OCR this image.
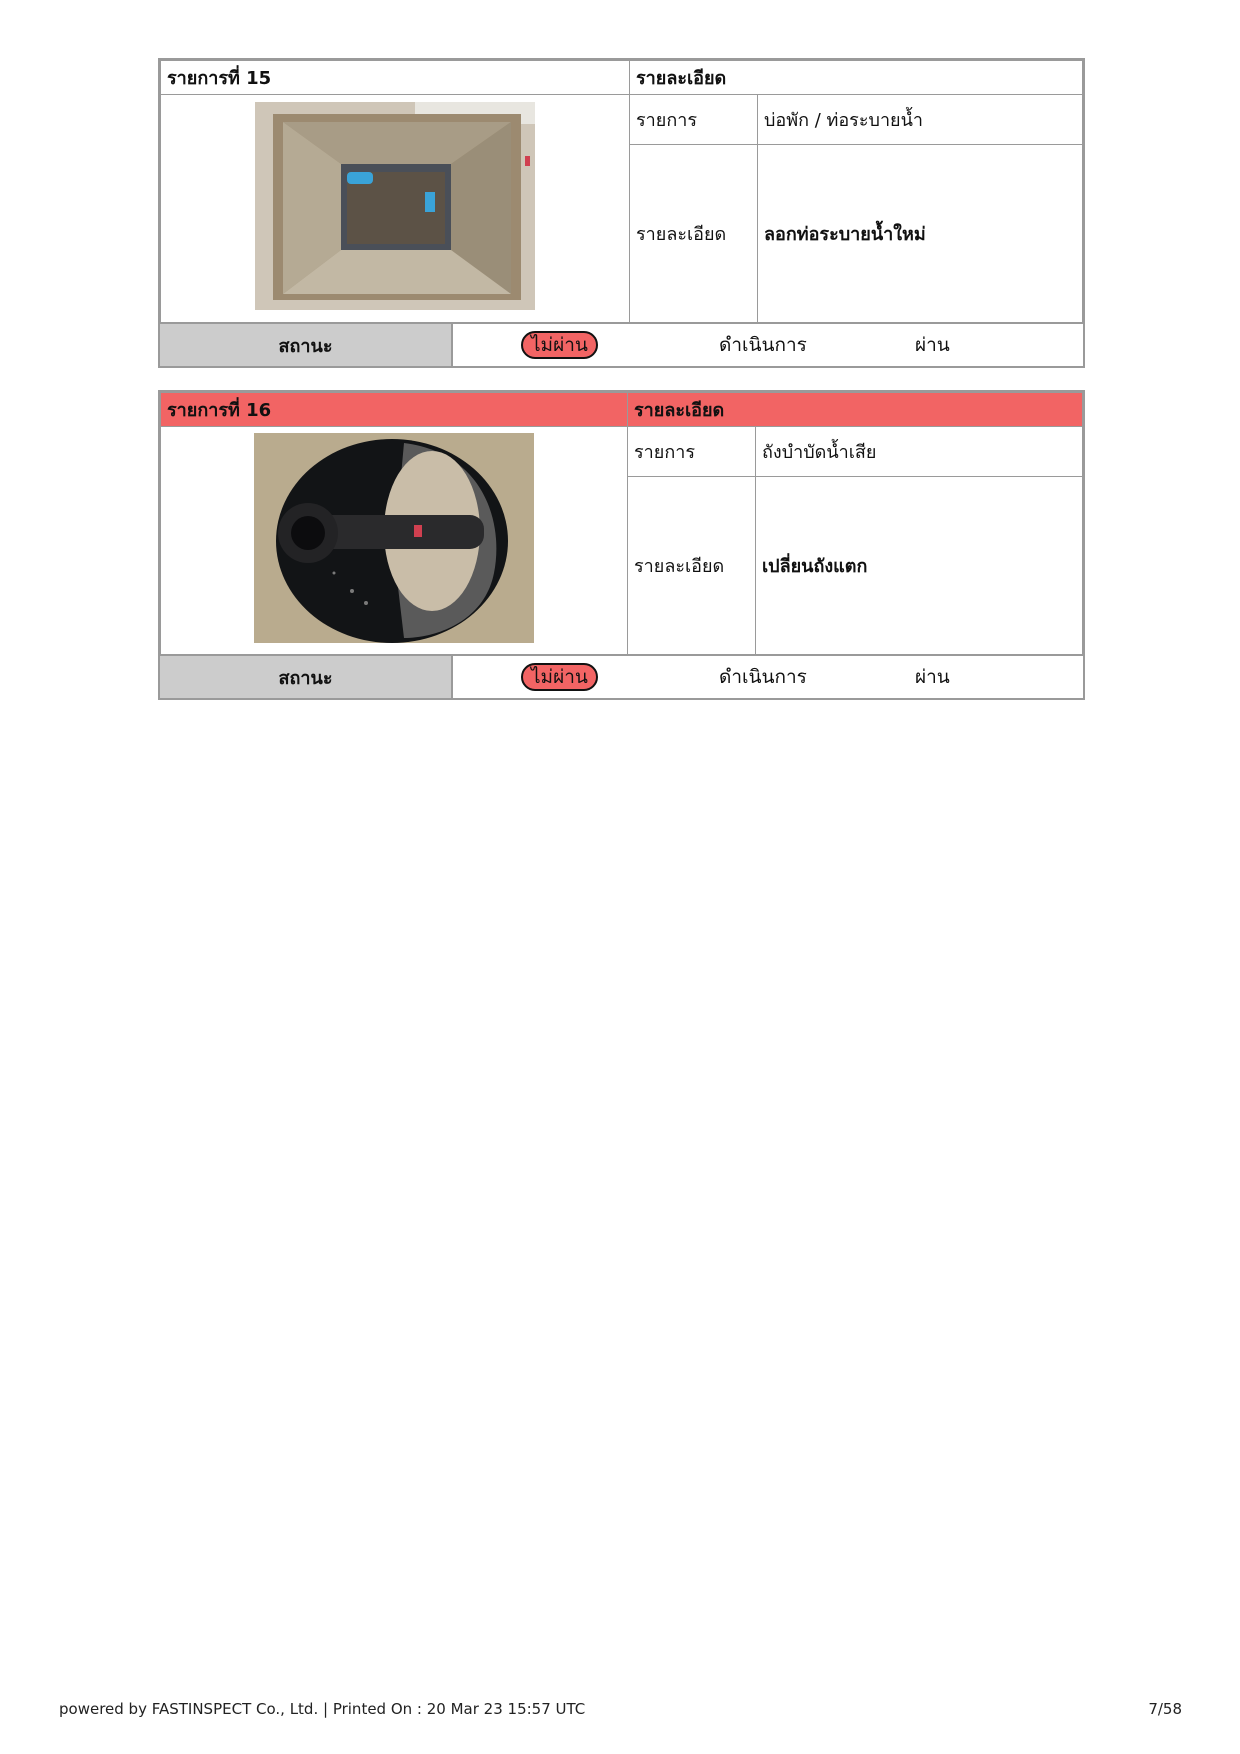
รายการที่ 15	รายละเอียด	
	รายการ	บ่อพัก / ท่อระบายน้ำ
	รายละเอียด	ลอกท่อระบายน้ำใหม่
สถานะ	ไม่ผ่าน	ดำเนินการ	ผ่าน
รายการที่ 16	รายละเอียด	
	รายการ	ถังบำบัดน้ำเสีย
	รายละเอียด	เปลี่ยนถังแตก
สถานะ	ไม่ผ่าน	ดำเนินการ	ผ่าน
powered by FASTINSPECT Co., Ltd. | Printed On : 20 Mar 23 15:57 UTC	7/58
